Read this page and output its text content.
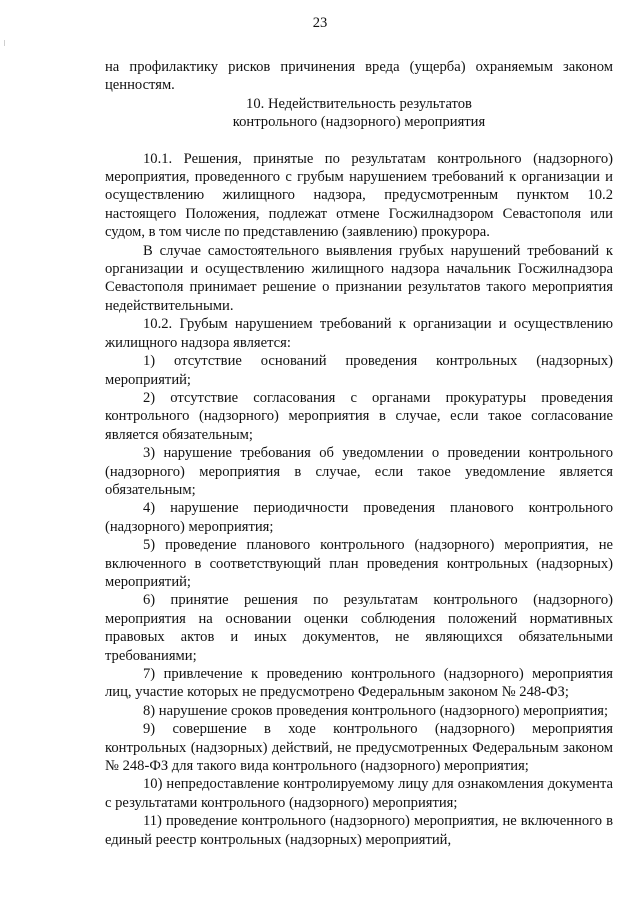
23

на профилактику рисков причинения вреда (ущерба) охраняемым законом ценностям.

10. Недействительность результатов

контрольного (надзорного) мероприятия

10.1. Решения, принятые по результатам контрольного (надзорного) мероприятия, проведенного с грубым нарушением требований к организации и осуществлению жилищного надзора, предусмотренным пунктом 10.2 настоящего Положения, подлежат отмене Госжилнадзором Севастополя или судом, в том числе по представлению (заявлению) прокурора.

В случае самостоятельного выявления грубых нарушений требований к организации и осуществлению жилищного надзора начальник Госжилнадзора Севастополя принимает решение о признании результатов такого мероприятия недействительными.

10.2. Грубым нарушением требований к организации и осуществлению жилищного надзора является:

1) отсутствие оснований проведения контрольных (надзорных) мероприятий;

2) отсутствие согласования с органами прокуратуры проведения контрольного (надзорного) мероприятия в случае, если такое согласование является обязательным;

3) нарушение требования об уведомлении о проведении контрольного (надзорного) мероприятия в случае, если такое уведомление является обязательным;

4) нарушение периодичности проведения планового контрольного (надзорного) мероприятия;

5) проведение планового контрольного (надзорного) мероприятия, не включенного в соответствующий план проведения контрольных (надзорных) мероприятий;

6) принятие решения по результатам контрольного (надзорного) мероприятия на основании оценки соблюдения положений нормативных правовых актов и иных документов, не являющихся обязательными требованиями;

7) привлечение к проведению контрольного (надзорного) мероприятия лиц, участие которых не предусмотрено Федеральным законом № 248-ФЗ;

8) нарушение сроков проведения контрольного (надзорного) мероприятия;

9) совершение в ходе контрольного (надзорного) мероприятия контрольных (надзорных) действий, не предусмотренных Федеральным законом № 248-ФЗ для такого вида контрольного (надзорного) мероприятия;

10) непредоставление контролируемому лицу для ознакомления документа с результатами контрольного (надзорного) мероприятия;

11) проведение контрольного (надзорного) мероприятия, не включенного в единый реестр контрольных (надзорных) мероприятий,
